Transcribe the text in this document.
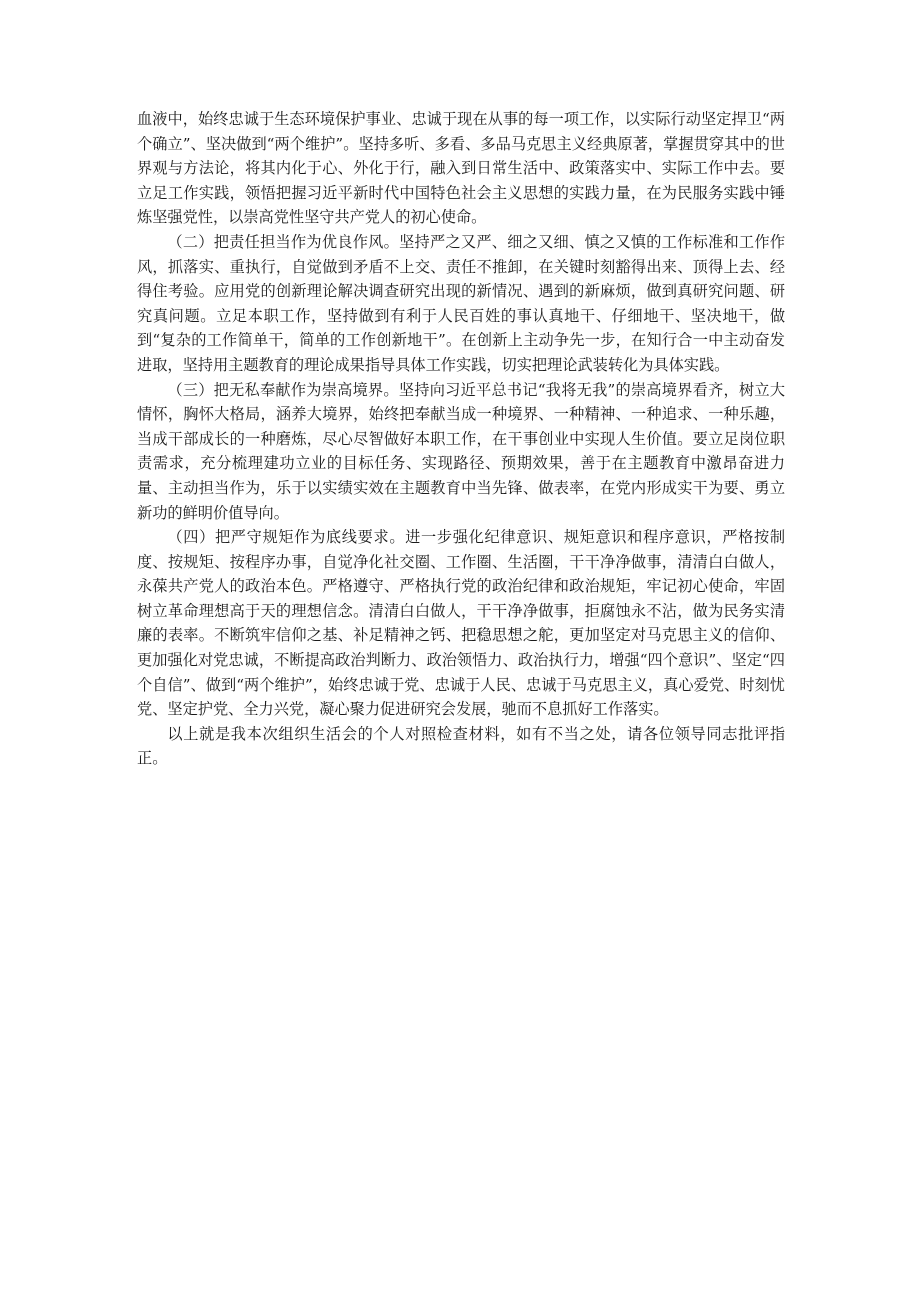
血液中，始终忠诚于生态环境保护事业、忠诚于现在从事的每一项工作，以实际行动坚定捍卫“两个确立”、坚决做到“两个维护”。坚持多听、多看、多品马克思主义经典原著，掌握贯穿其中的世界观与方法论，将其内化于心、外化于行，融入到日常生活中、政策落实中、实际工作中去。要立足工作实践，领悟把握习近平新时代中国特色社会主义思想的实践力量，在为民服务实践中锤炼坚强党性，以崇高党性坚守共产党人的初心使命。

（二）把责任担当作为优良作风。坚持严之又严、细之又细、慎之又慎的工作标准和工作作风，抓落实、重执行，自觉做到矛盾不上交、责任不推卸，在关键时刻豁得出来、顶得上去、经得住考验。应用党的创新理论解决调查研究出现的新情况、遇到的新麻烦，做到真研究问题、研究真问题。立足本职工作，坚持做到有利于人民百姓的事认真地干、仔细地干、坚决地干，做到“复杂的工作简单干，简单的工作创新地干”。在创新上主动争先一步，在知行合一中主动奋发进取，坚持用主题教育的理论成果指导具体工作实践，切实把理论武装转化为具体实践。

（三）把无私奉献作为崇高境界。坚持向习近平总书记“我将无我”的崇高境界看齐，树立大情怀，胸怀大格局，涵养大境界，始终把奉献当成一种境界、一种精神、一种追求、一种乐趣，当成干部成长的一种磨炼，尽心尽智做好本职工作，在干事创业中实现人生价值。要立足岗位职责需求，充分梳理建功立业的目标任务、实现路径、预期效果，善于在主题教育中激昂奋进力量、主动担当作为，乐于以实绩实效在主题教育中当先锋、做表率，在党内形成实干为要、勇立新功的鲜明价值导向。

（四）把严守规矩作为底线要求。进一步强化纪律意识、规矩意识和程序意识，严格按制度、按规矩、按程序办事，自觉净化社交圈、工作圈、生活圈，干干净净做事，清清白白做人，永葆共产党人的政治本色。严格遵守、严格执行党的政治纪律和政治规矩，牢记初心使命，牢固树立革命理想高于天的理想信念。清清白白做人，干干净净做事，拒腐蚀永不沾，做为民务实清廉的表率。不断筑牢信仰之基、补足精神之钙、把稳思想之舵，更加坚定对马克思主义的信仰、更加强化对党忠诚，不断提高政治判断力、政治领悟力、政治执行力，增强“四个意识”、坚定“四个自信”、做到“两个维护”，始终忠诚于党、忠诚于人民、忠诚于马克思主义，真心爱党、时刻忧党、坚定护党、全力兴党，凝心聚力促进研究会发展，驰而不息抓好工作落实。

以上就是我本次组织生活会的个人对照检查材料，如有不当之处，请各位领导同志批评指正。
